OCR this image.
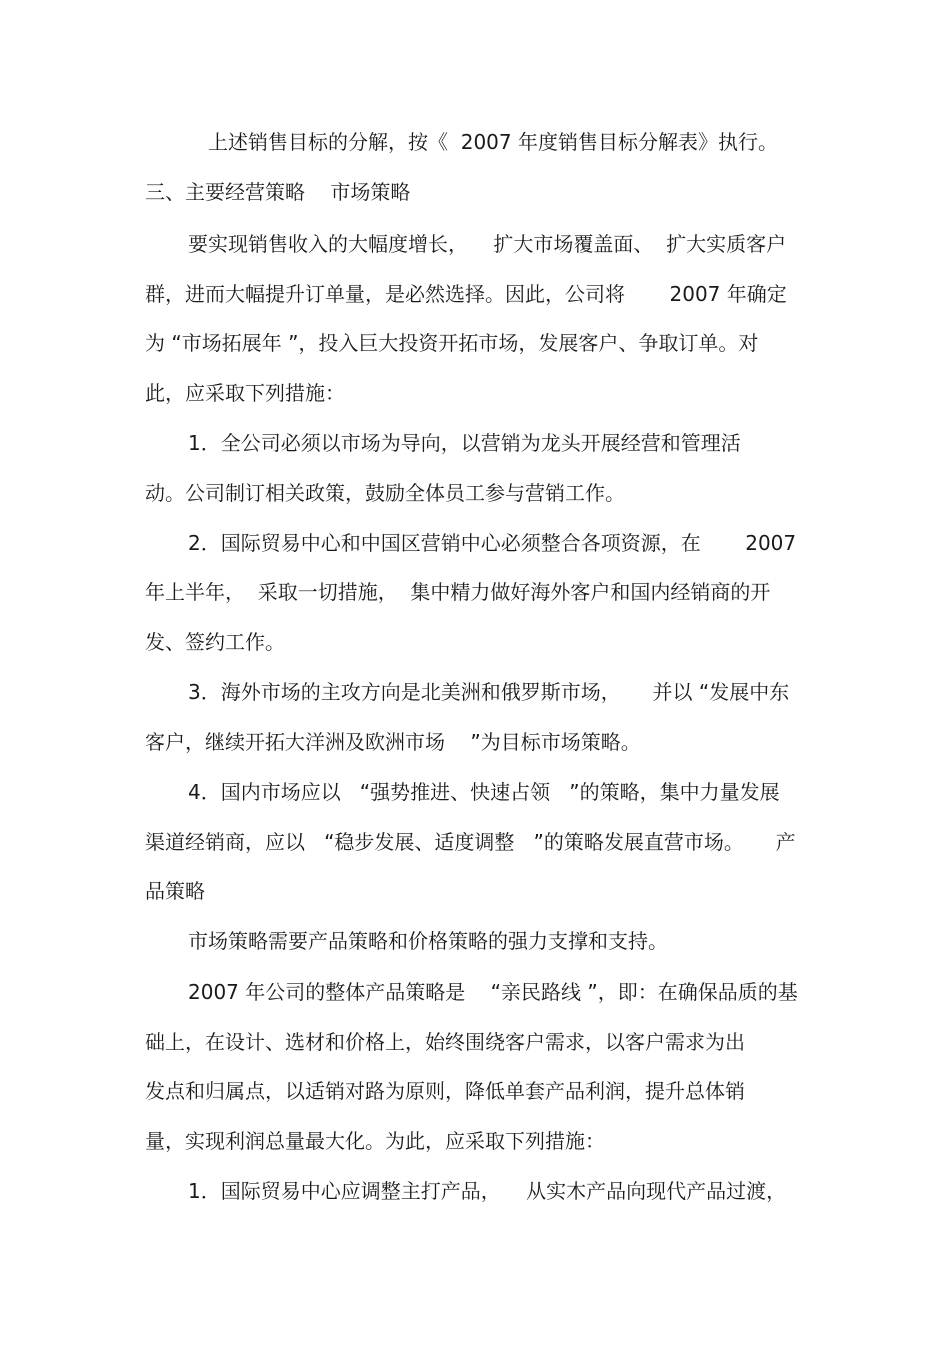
上述销售目标的分解，按《  2007 年度销售目标分解表》执行。
三、主要经营策略    市场策略
要实现销售收入的大幅度增长，    扩大市场覆盖面、  扩大实质客户
群，进而大幅提升订单量，是必然选择。因此，公司将       2007 年确定
为 “市场拓展年 ”，投入巨大投资开拓市场，发展客户、争取订单。对
此，应采取下列措施：
1．全公司必须以市场为导向，以营销为龙头开展经营和管理活
动。公司制订相关政策，鼓励全体员工参与营销工作。
2．国际贸易中心和中国区营销中心必须整合各项资源，在       2007
年上半年，  采取一切措施，  集中精力做好海外客户和国内经销商的开
发、签约工作。
3．海外市场的主攻方向是北美洲和俄罗斯市场，     并以 “发展中东
客户，继续开拓大洋洲及欧洲市场    ”为目标市场策略。
4．国内市场应以   “强势推进、快速占领   ”的策略，集中力量发展
渠道经销商，应以   “稳步发展、适度调整   ”的策略发展直营市场。     产
品策略
市场策略需要产品策略和价格策略的强力支撑和支持。
2007 年公司的整体产品策略是    “亲民路线 ”，即：在确保品质的基
础上，在设计、选材和价格上，始终围绕客户需求，以客户需求为出
发点和归属点，以适销对路为原则，降低单套产品利润，提升总体销
量，实现利润总量最大化。为此，应采取下列措施：
1．国际贸易中心应调整主打产品，    从实木产品向现代产品过渡，
